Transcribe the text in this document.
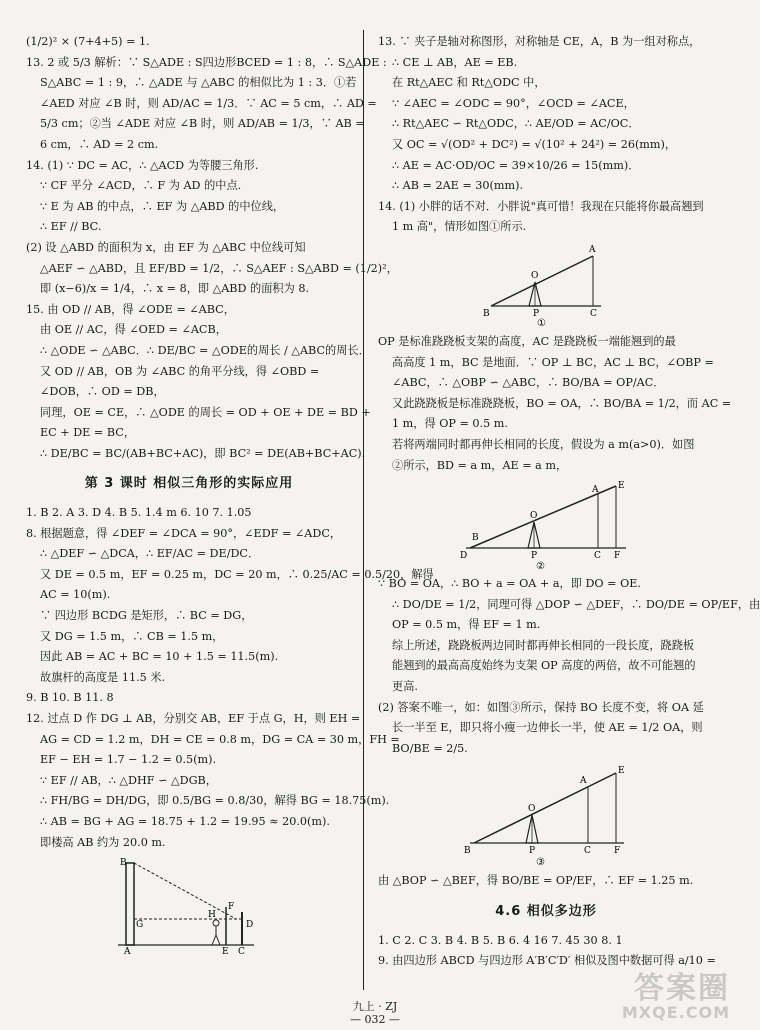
(1/2)² × (7+4+5) = 1.
13. 2 或 5/3 解析：∵ S△ADE : S四边形BCED = 1 : 8，∴ S△ADE :
S△ABC = 1 : 9，∴ △ADE 与 △ABC 的相似比为 1 : 3．①若
∠AED 对应 ∠B 时，则 AD/AC = 1/3．∵ AC = 5 cm，∴ AD =
5/3 cm；②当 ∠ADE 对应 ∠B 时，则 AD/AB = 1/3，∵ AB =
6 cm，∴ AD = 2 cm.
14. (1) ∵ DC = AC，∴ △ACD 为等腰三角形.
∵ CF 平分 ∠ACD，∴ F 为 AD 的中点.
∵ E 为 AB 的中点，∴ EF 为 △ABD 的中位线，
∴ EF // BC.
(2) 设 △ABD 的面积为 x，由 EF 为 △ABC 中位线可知
△AEF ∽ △ABD，且 EF/BD = 1/2，∴ S△AEF : S△ABD = (1/2)²，
即 (x−6)/x = 1/4，∴ x = 8，即 △ABD 的面积为 8.
15. 由 OD // AB，得 ∠ODE = ∠ABC，
由 OE // AC，得 ∠OED = ∠ACB，
∴ △ODE ∽ △ABC．∴ DE/BC = △ODE的周长 / △ABC的周长．
又 OD // AB，OB 为 ∠ABC 的角平分线，得 ∠OBD =
∠DOB，∴ OD = DB，
同理，OE = CE，∴ △ODE 的周长 = OD + OE + DE = BD +
EC + DE = BC，
∴ DE/BC = BC/(AB+BC+AC)，即 BC² = DE(AB+BC+AC).
第 3 课时 相似三角形的实际应用
1. B 2. A 3. D 4. B 5. 1.4 m 6. 10 7. 1.05
8. 根据题意，得 ∠DEF = ∠DCA = 90°，∠EDF = ∠ADC，
∴ △DEF ∽ △DCA，∴ EF/AC = DE/DC．
又 DE = 0.5 m，EF = 0.25 m，DC = 20 m，∴ 0.25/AC = 0.5/20，解得
AC = 10(m).
∵ 四边形 BCDG 是矩形，∴ BC = DG，
又 DG = 1.5 m，∴ CB = 1.5 m，
因此 AB = AC + BC = 10 + 1.5 = 11.5(m).
故旗杆的高度是 11.5 米.
9. B 10. B 11. 8
12. 过点 D 作 DG ⊥ AB，分别交 AB，EF 于点 G，H，则 EH =
AG = CD = 1.2 m，DH = CE = 0.8 m，DG = CA = 30 m，FH =
EF − EH = 1.7 − 1.2 = 0.5(m).
∵ EF // AB，∴ △DHF ∽ △DGB，
∴ FH/BG = DH/DG，即 0.5/BG = 0.8/30，解得 BG = 18.75(m).
∴ AB = BG + AG = 18.75 + 1.2 = 19.95 ≈ 20.0(m).
即楼高 AB 约为 20.0 m.
B
G
H
F
A	E C
D
13. ∵ 夹子是轴对称图形，对称轴是 CE，A，B 为一组对称点，
∴ CE ⊥ AB，AE = EB.
在 Rt△AEC 和 Rt△ODC 中，
∵ ∠AEC = ∠ODC = 90°，∠OCD = ∠ACE，
∴ Rt△AEC ∽ Rt△ODC，∴ AE/OD = AC/OC．
又 OC = √(OD² + DC²) = √(10² + 24²) = 26(mm)，
∴ AE = AC·OD/OC = 39×10/26 = 15(mm)．
∴ AB = 2AE = 30(mm).
14. (1) 小胖的话不对．小胖说"真可惜！我现在只能将你最高翘到
1 m 高"，情形如图①所示.
A
O
B	P	C
①
OP 是标准跷跷板支架的高度，AC 是跷跷板一端能翘到的最
高高度 1 m，BC 是地面．∵ OP ⊥ BC，AC ⊥ BC，∠OBP =
∠ABC，∴ △OBP ∽ △ABC，∴ BO/BA = OP/AC．
又此跷跷板是标准跷跷板，BO = OA，∴ BO/BA = 1/2，而 AC =
1 m，得 OP = 0.5 m.
若将两端同时都再伸长相同的长度，假设为 a m(a>0)．如图
②所示，BD = a m，AE = a m，
E
A
B
O
D	P	C F
②
∵ BO = OA，∴ BO + a = OA + a，即 DO = OE.
∴ DO/DE = 1/2，同理可得 △DOP ∽ △DEF，∴ DO/DE = OP/EF，由
OP = 0.5 m，得 EF = 1 m.
综上所述，跷跷板两边同时都再伸长相同的一段长度，跷跷板
能翘到的最高高度始终为支架 OP 高度的两倍，故不可能翘的
更高.
(2) 答案不唯一，如：如图③所示，保持 BO 长度不变，将 OA 延
长一半至 E，即只将小瘦一边伸长一半，使 AE = 1/2 OA，则
BO/BE = 2/5.
E
A
O
B	P	C	F
③
由 △BOP ∽ △BEF，得 BO/BE = OP/EF，∴ EF = 1.25 m.
4.6 相似多边形
1. C 2. C 3. B 4. B 5. B 6. 4 16 7. 45 30 8. 1
9. 由四边形 ABCD 与四边形 A′B′C′D′ 相似及图中数据可得 a/10 =
九上 · ZJ
— 032 —
答案圈
MXQE.COM
